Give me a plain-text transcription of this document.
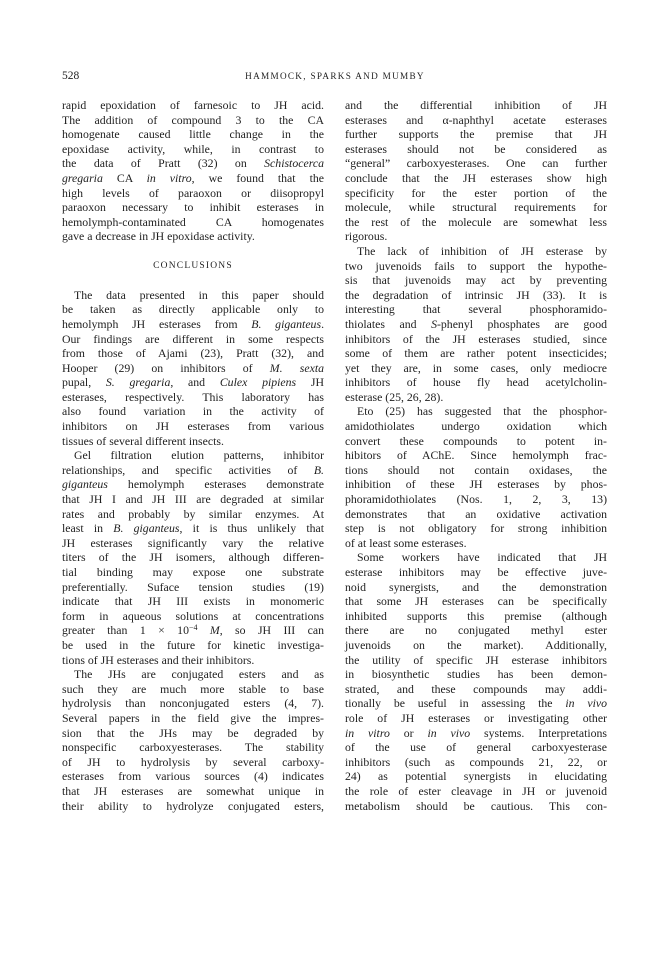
528	HAMMOCK, SPARKS AND MUMBY
rapid epoxidation of farnesoic to JH acid.
The addition of compound 3 to the CA
homogenate caused little change in the
epoxidase activity, while, in contrast to
the data of Pratt (32) on Schistocerca
gregaria CA in vitro, we found that the
high levels of paraoxon or diisopropyl
paraoxon necessary to inhibit esterases in
hemolymph-contaminated CA homogenates
gave a decrease in JH epoxidase activity.
CONCLUSIONS
The data presented in this paper should
be taken as directly applicable only to
hemolymph JH esterases from B. giganteus.
Our findings are different in some respects
from those of Ajami (23), Pratt (32), and
Hooper (29) on inhibitors of M. sexta
pupal, S. gregaria, and Culex pipiens JH
esterases, respectively. This laboratory has
also found variation in the activity of
inhibitors on JH esterases from various
tissues of several different insects.
Gel filtration elution patterns, inhibitor
relationships, and specific activities of B.
giganteus hemolymph esterases demonstrate
that JH I and JH III are degraded at similar
rates and probably by similar enzymes. At
least in B. giganteus, it is thus unlikely that
JH esterases significantly vary the relative
titers of the JH isomers, although differen-
tial binding may expose one substrate
preferentially. Suface tension studies (19)
indicate that JH III exists in monomeric
form in aqueous solutions at concentrations
greater than $1 \times 10^{-4}$ M, so JH III can
be used in the future for kinetic investiga-
tions of JH esterases and their inhibitors.
The JHs are conjugated esters and as
such they are much more stable to base
hydrolysis than nonconjugated esters (4, 7).
Several papers in the field give the impres-
sion that the JHs may be degraded by
nonspecific carboxyesterases. The stability
of JH to hydrolysis by several carboxy-
esterases from various sources (4) indicates
that JH esterases are somewhat unique in
their ability to hydrolyze conjugated esters,
and the differential inhibition of JH
esterases and α-naphthyl acetate esterases
further supports the premise that JH
esterases should not be considered as
“general” carboxyesterases. One can further
conclude that the JH esterases show high
specificity for the ester portion of the
molecule, while structural requirements for
the rest of the molecule are somewhat less
rigorous.
The lack of inhibition of JH esterase by
two juvenoids fails to support the hypothe-
sis that juvenoids may act by preventing
the degradation of intrinsic JH (33). It is
interesting that several phosphoramido-
thiolates and S-phenyl phosphates are good
inhibitors of the JH esterases studied, since
some of them are rather potent insecticides;
yet they are, in some cases, only mediocre
inhibitors of house fly head acetylcholin-
esterase (25, 26, 28).
Eto (25) has suggested that the phosphor-
amidothiolates undergo oxidation which
convert these compounds to potent in-
hibitors of AChE. Since hemolymph frac-
tions should not contain oxidases, the
inhibition of these JH esterases by phos-
phoramidothiolates (Nos. 1, 2, 3, 13)
demonstrates that an oxidative activation
step is not obligatory for strong inhibition
of at least some esterases.
Some workers have indicated that JH
esterase inhibitors may be effective juve-
noid synergists, and the demonstration
that some JH esterases can be specifically
inhibited supports this premise (although
there are no conjugated methyl ester
juvenoids on the market). Additionally,
the utility of specific JH esterase inhibitors
in biosynthetic studies has been demon-
strated, and these compounds may addi-
tionally be useful in assessing the in vivo
role of JH esterases or investigating other
in vitro or in vivo systems. Interpretations
of the use of general carboxyesterase
inhibitors (such as compounds 21, 22, or
24) as potential synergists in elucidating
the role of ester cleavage in JH or juvenoid
metabolism should be cautious. This con-
